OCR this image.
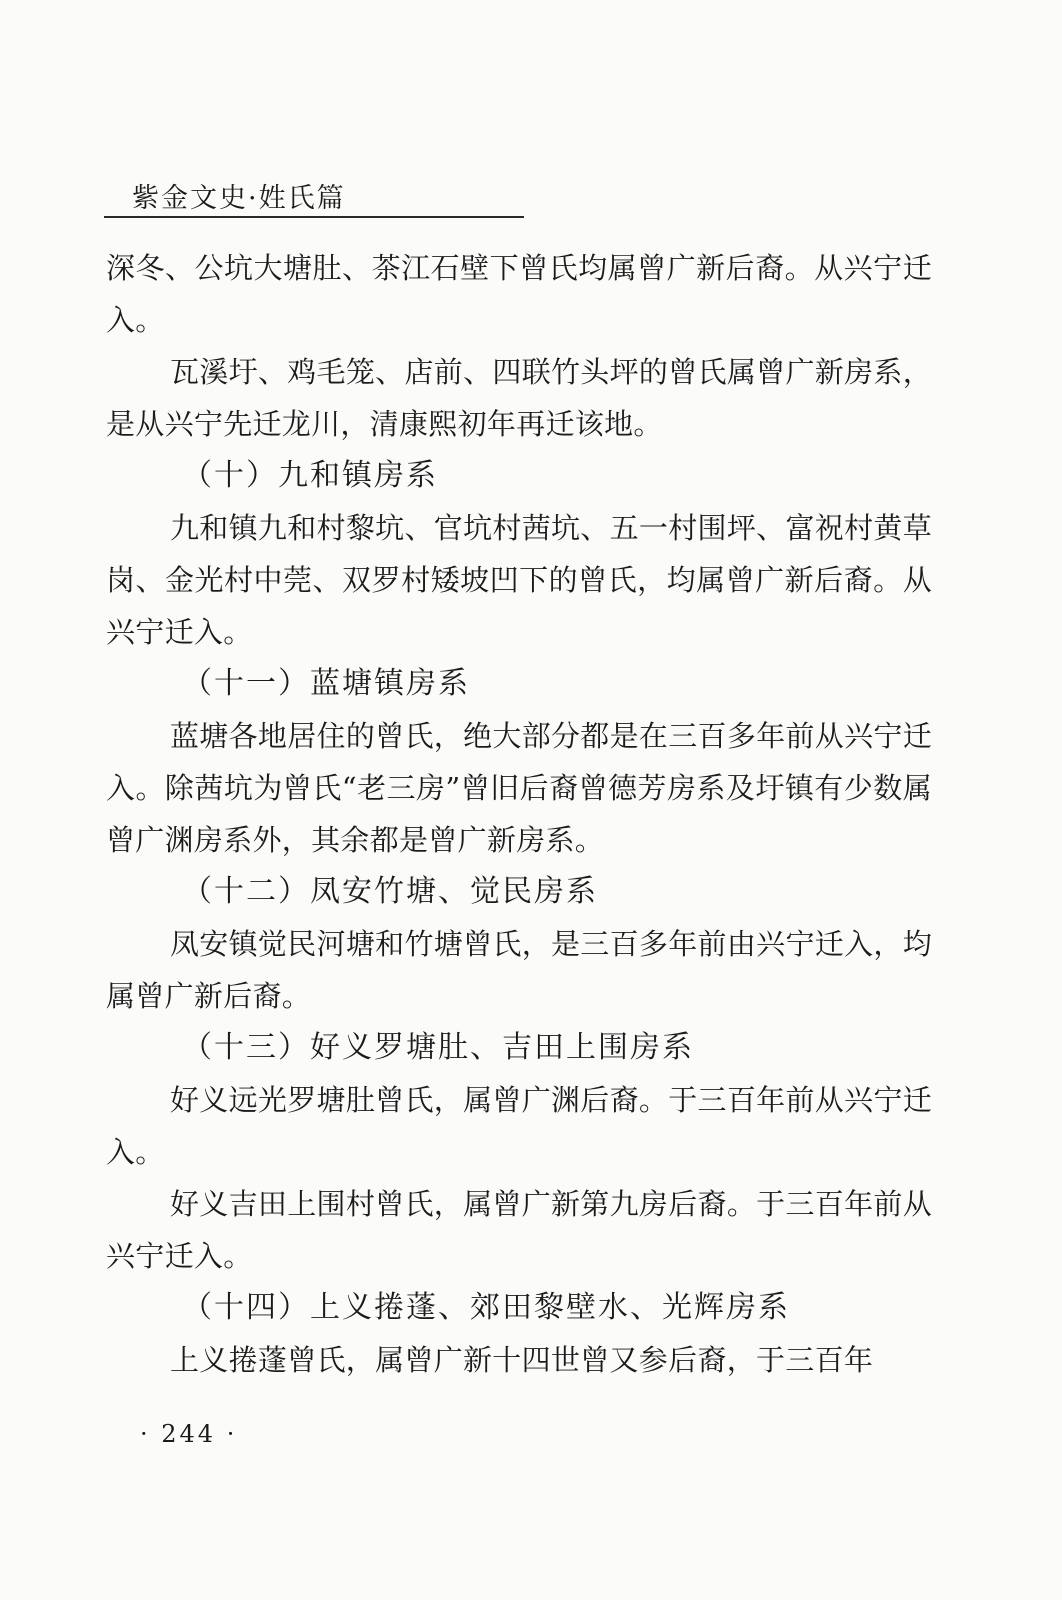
紫金文史·姓氏篇

深冬、公坑大塘肚、茶江石壁下曾氏均属曾广新后裔。从兴宁迁入。

瓦溪圩、鸡毛笼、店前、四联竹头坪的曾氏属曾广新房系，是从兴宁先迁龙川，清康熙初年再迁该地。

（十）九和镇房系

九和镇九和村黎坑、官坑村茜坑、五一村围坪、富祝村黄草岗、金光村中莞、双罗村矮坡凹下的曾氏，均属曾广新后裔。从兴宁迁入。

（十一）蓝塘镇房系

蓝塘各地居住的曾氏，绝大部分都是在三百多年前从兴宁迁入。除茜坑为曾氏“老三房”曾旧后裔曾德芳房系及圩镇有少数属曾广渊房系外，其余都是曾广新房系。

（十二）凤安竹塘、觉民房系

凤安镇觉民河塘和竹塘曾氏，是三百多年前由兴宁迁入，均属曾广新后裔。

（十三）好义罗塘肚、吉田上围房系

好义远光罗塘肚曾氏，属曾广渊后裔。于三百年前从兴宁迁入。

好义吉田上围村曾氏，属曾广新第九房后裔。于三百年前从兴宁迁入。

（十四）上义捲蓬、郊田黎壁水、光辉房系

上义捲蓬曾氏，属曾广新十四世曾又参后裔，于三百年

· 244 ·
